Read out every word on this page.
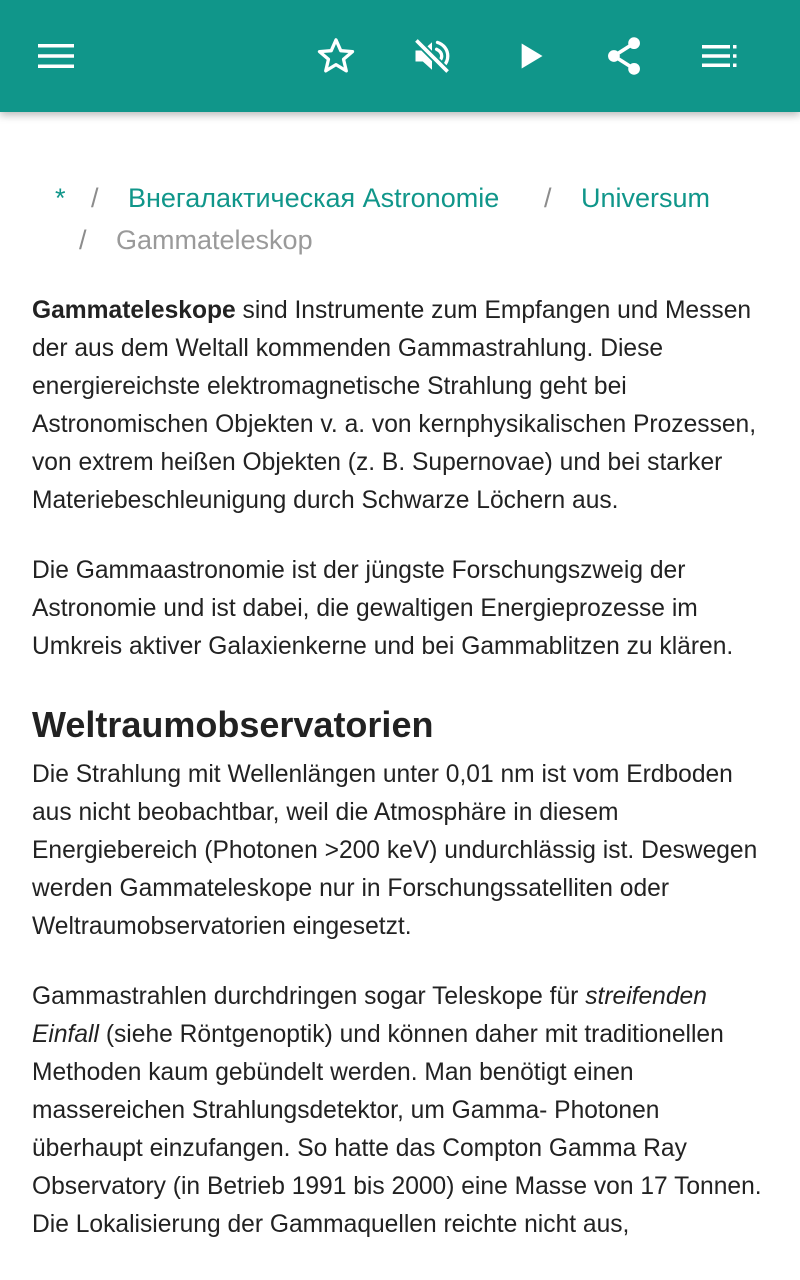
* / Внегалактическая Astronomie / Universum
/ Gammateleskop

Gammateleskope sind Instrumente zum Empfangen und Messen der aus dem Weltall kommenden Gammastrahlung. Diese energiereichste elektromagnetische Strahlung geht bei Astronomischen Objekten v. a. von kernphysikalischen Prozessen, von extrem heißen Objekten (z. B. Supernovae) und bei starker Materiebeschleunigung durch Schwarze Löchern aus.

Die Gammaastronomie ist der jüngste Forschungszweig der Astronomie und ist dabei, die gewaltigen Energieprozesse im Umkreis aktiver Galaxienkerne und bei Gammablitzen zu klären.

Weltraumobservatorien

Die Strahlung mit Wellenlängen unter 0,01 nm ist vom Erdboden aus nicht beobachtbar, weil die Atmosphäre in diesem Energiebereich (Photonen >200 keV) undurchlässig ist. Deswegen werden Gammateleskope nur in Forschungssatelliten oder Weltraumobservatorien eingesetzt.

Gammastrahlen durchdringen sogar Teleskope für streifenden Einfall (siehe Röntgenoptik) und können daher mit traditionellen Methoden kaum gebündelt werden. Man benötigt einen massereichen Strahlungsdetektor, um Gamma- Photonen überhaupt einzufangen. So hatte das Compton Gamma Ray Observatory (in Betrieb 1991 bis 2000) eine Masse von 17 Tonnen. Die Lokalisierung der Gammaquellen reichte nicht aus,
